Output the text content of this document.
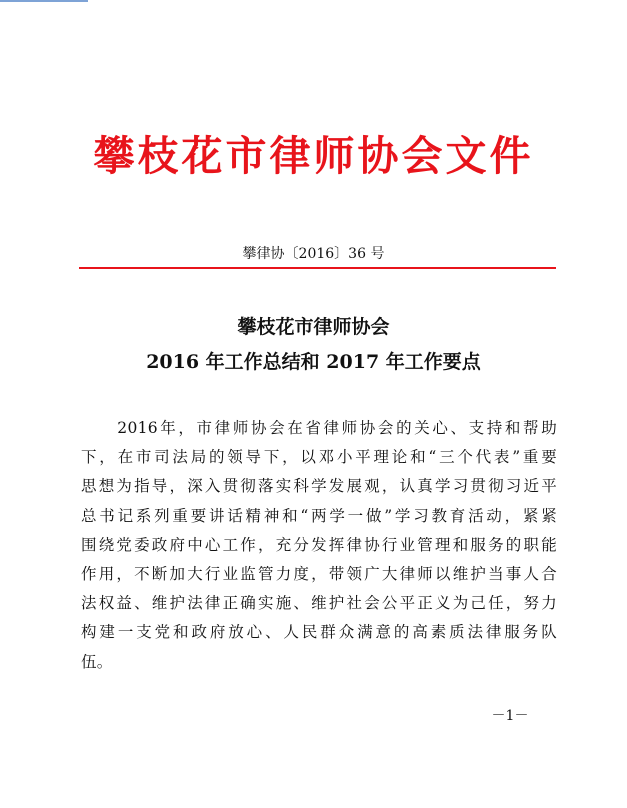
攀枝花市律师协会文件
攀律协〔2016〕36 号
攀枝花市律师协会
2016 年工作总结和 2017 年工作要点
　　2016年，市律师协会在省律师协会的关心、支持和帮助
下，在市司法局的领导下，以邓小平理论和“三个代表”重要
思想为指导，深入贯彻落实科学发展观，认真学习贯彻习近平
总书记系列重要讲话精神和“两学一做”学习教育活动，紧紧
围绕党委政府中心工作，充分发挥律协行业管理和服务的职能
作用，不断加大行业监管力度，带领广大律师以维护当事人合
法权益、维护法律正确实施、维护社会公平正义为己任，努力
构建一支党和政府放心、人民群众满意的高素质法律服务队
伍。
－1－
